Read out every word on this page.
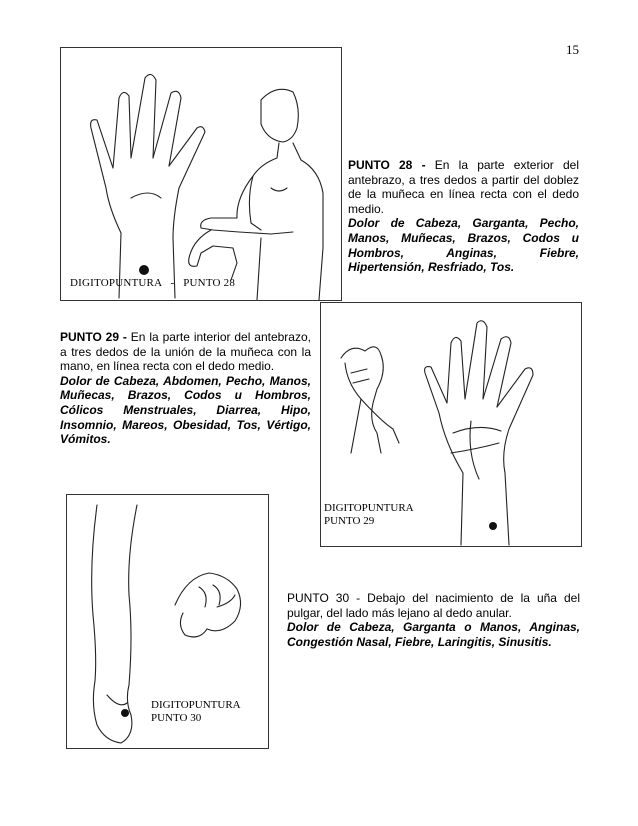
15
DIGITOPUNTURA - PUNTO 28

PUNTO 28 - En la parte exterior del antebrazo, a tres dedos a partir del doblez de la muñeca en línea recta con el dedo medio.

Dolor de Cabeza, Garganta, Pecho, Manos, Muñecas, Brazos, Codos u Hombros, Anginas, Fiebre, Hipertensión, Resfriado, Tos.

PUNTO 29 - En la parte interior del antebrazo, a tres dedos de la unión de la muñeca con la mano, en línea recta con el dedo medio.

Dolor de Cabeza, Abdomen, Pecho, Manos, Muñecas, Brazos, Codos u Hombros, Cólicos Menstruales, Diarrea, Hipo, Insomnio, Mareos, Obesidad, Tos, Vértigo, Vómitos.

DIGITOPUNTURA
PUNTO 29
DIGITOPUNTURA
PUNTO 30

PUNTO 30 - Debajo del nacimiento de la uña del pulgar, del lado más lejano al dedo anular.

Dolor de Cabeza, Garganta o Manos, Anginas, Congestión Nasal, Fiebre, Laringitis, Sinusitis.
